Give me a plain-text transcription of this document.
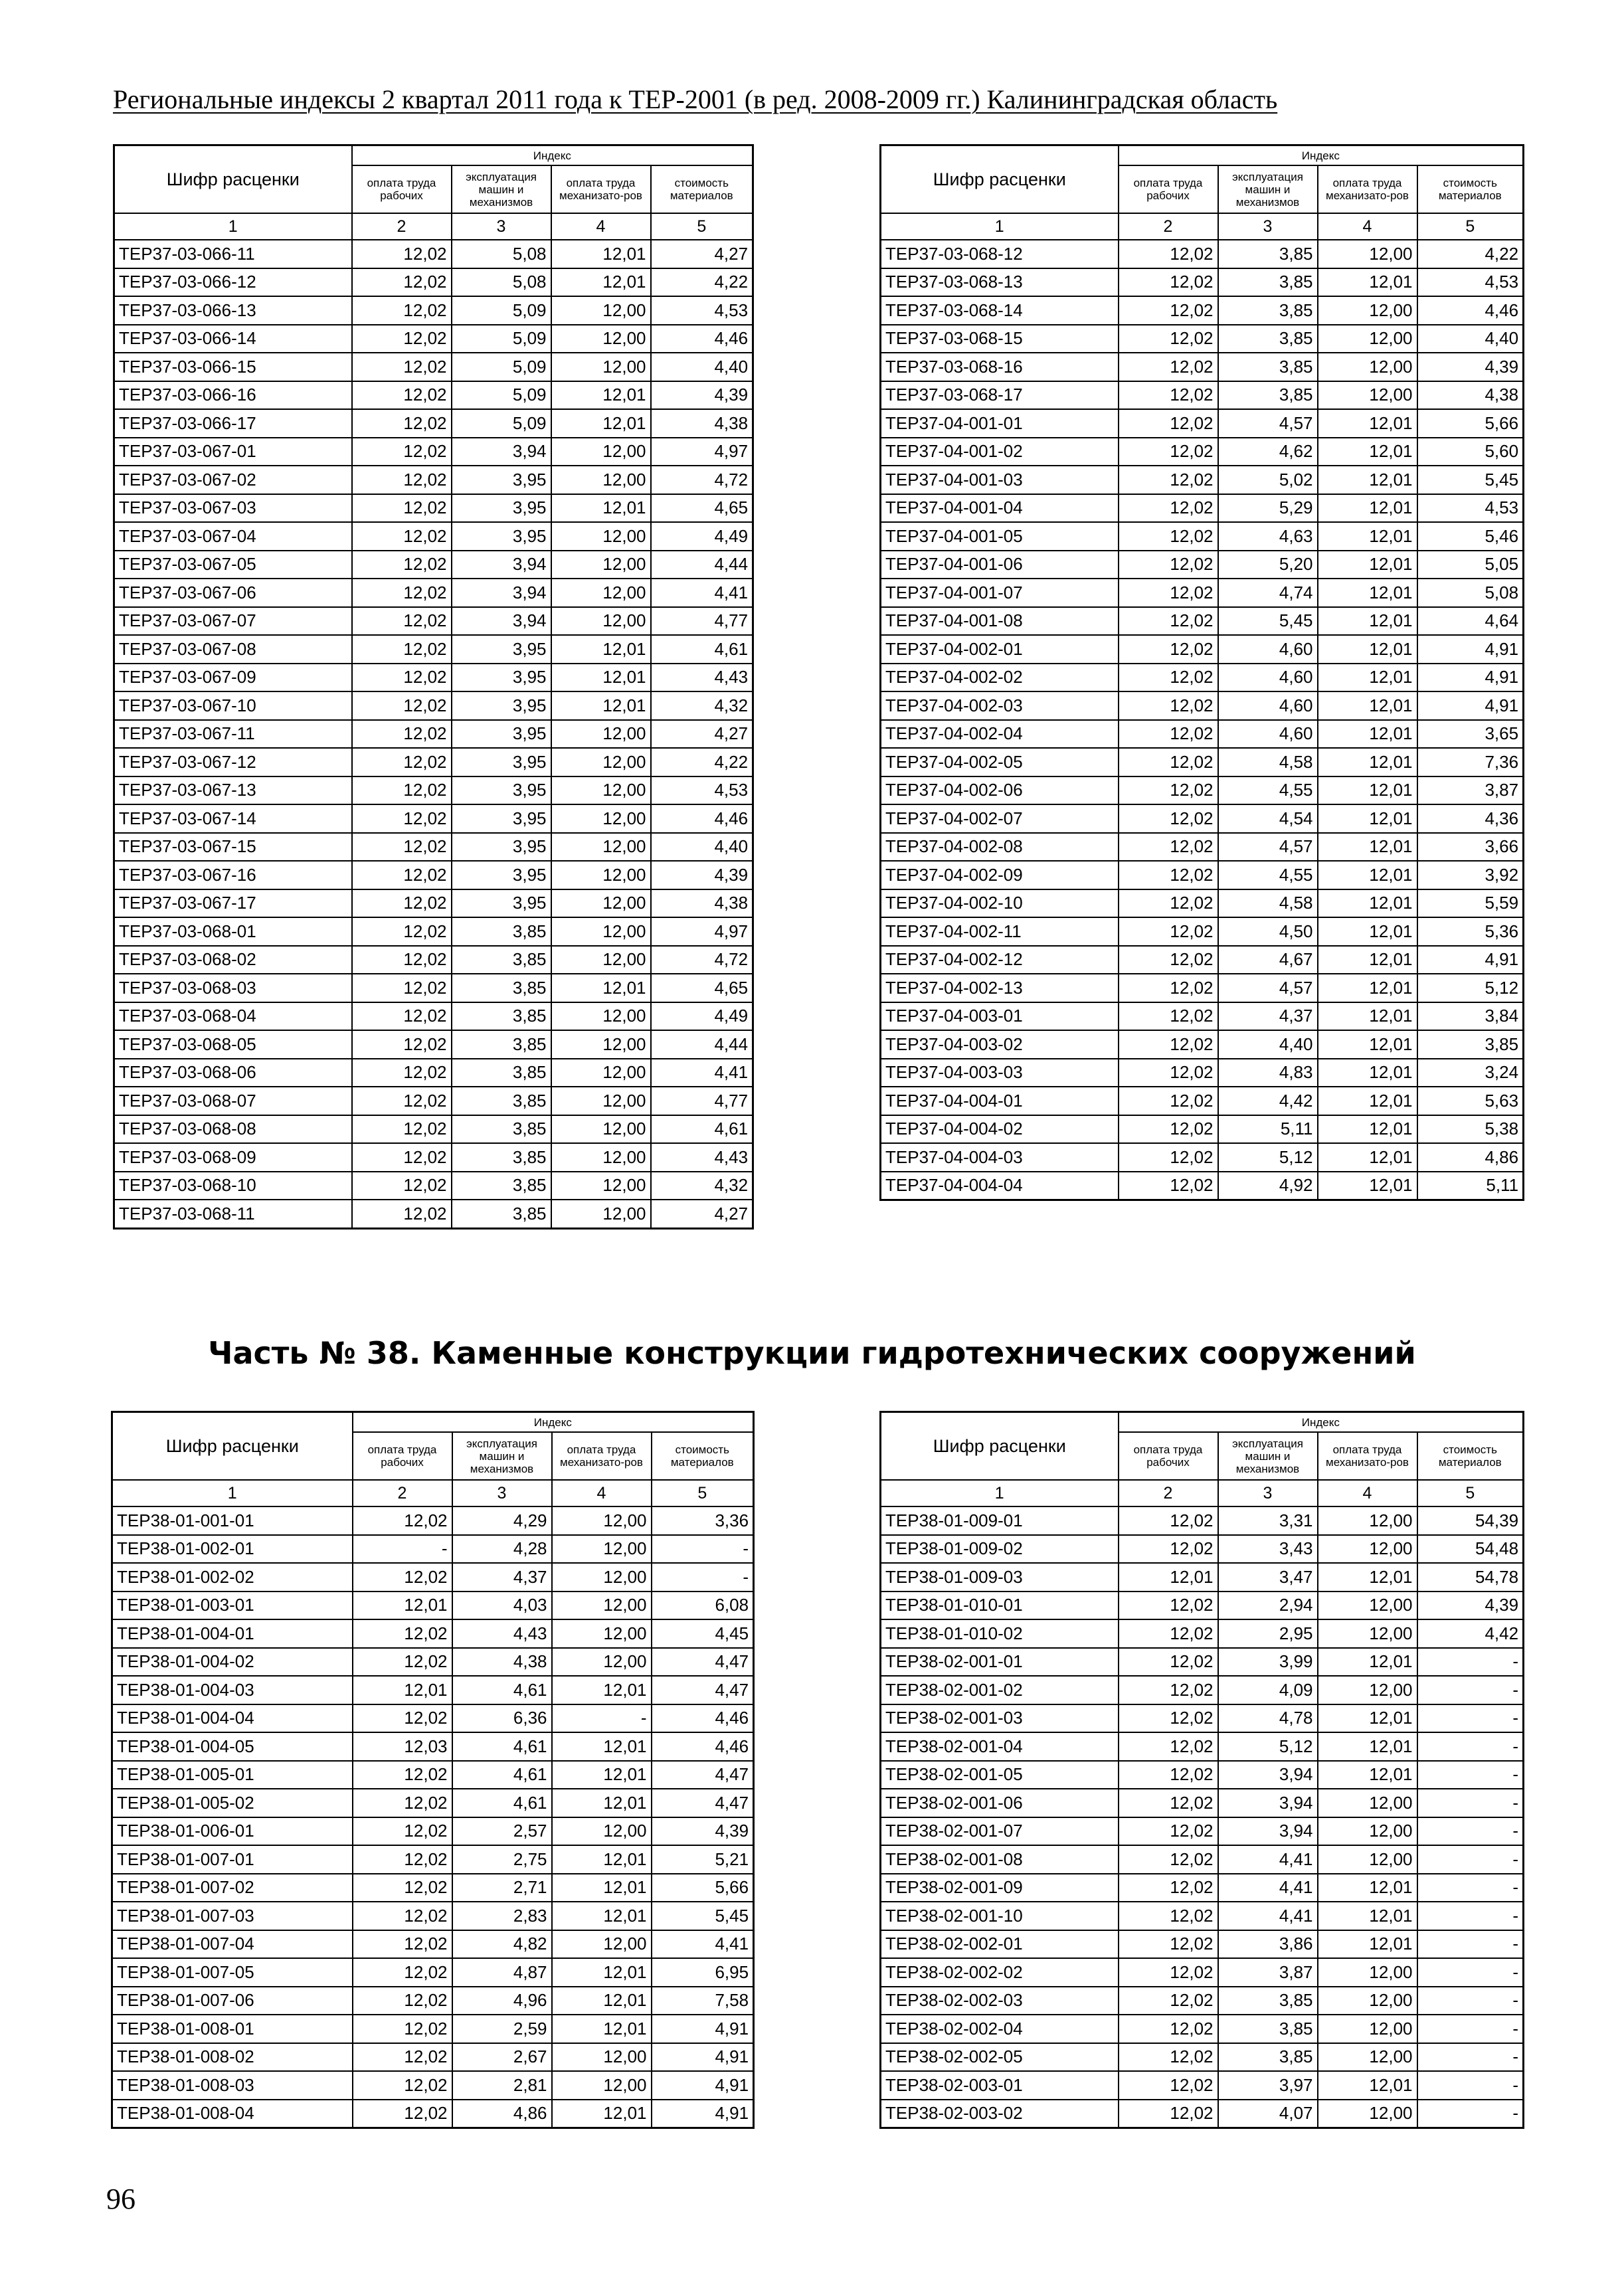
Региональные индексы 2 квартал 2011 года к ТЕР-2001 (в ред. 2008-2009 гг.) Калининградская область
Шифр расценки	Индекс			
	оплата труда рабочих	эксплуатация машин и механизмов	оплата труда механизато-ров	стоимость материалов
1	2	3	4	5
ТЕР37-03-066-11	12,02	5,08	12,01	4,27
ТЕР37-03-066-12	12,02	5,08	12,01	4,22
ТЕР37-03-066-13	12,02	5,09	12,00	4,53
ТЕР37-03-066-14	12,02	5,09	12,00	4,46
ТЕР37-03-066-15	12,02	5,09	12,00	4,40
ТЕР37-03-066-16	12,02	5,09	12,01	4,39
ТЕР37-03-066-17	12,02	5,09	12,01	4,38
ТЕР37-03-067-01	12,02	3,94	12,00	4,97
ТЕР37-03-067-02	12,02	3,95	12,00	4,72
ТЕР37-03-067-03	12,02	3,95	12,01	4,65
ТЕР37-03-067-04	12,02	3,95	12,00	4,49
ТЕР37-03-067-05	12,02	3,94	12,00	4,44
ТЕР37-03-067-06	12,02	3,94	12,00	4,41
ТЕР37-03-067-07	12,02	3,94	12,00	4,77
ТЕР37-03-067-08	12,02	3,95	12,01	4,61
ТЕР37-03-067-09	12,02	3,95	12,01	4,43
ТЕР37-03-067-10	12,02	3,95	12,01	4,32
ТЕР37-03-067-11	12,02	3,95	12,00	4,27
ТЕР37-03-067-12	12,02	3,95	12,00	4,22
ТЕР37-03-067-13	12,02	3,95	12,00	4,53
ТЕР37-03-067-14	12,02	3,95	12,00	4,46
ТЕР37-03-067-15	12,02	3,95	12,00	4,40
ТЕР37-03-067-16	12,02	3,95	12,00	4,39
ТЕР37-03-067-17	12,02	3,95	12,00	4,38
ТЕР37-03-068-01	12,02	3,85	12,00	4,97
ТЕР37-03-068-02	12,02	3,85	12,00	4,72
ТЕР37-03-068-03	12,02	3,85	12,01	4,65
ТЕР37-03-068-04	12,02	3,85	12,00	4,49
ТЕР37-03-068-05	12,02	3,85	12,00	4,44
ТЕР37-03-068-06	12,02	3,85	12,00	4,41
ТЕР37-03-068-07	12,02	3,85	12,00	4,77
ТЕР37-03-068-08	12,02	3,85	12,00	4,61
ТЕР37-03-068-09	12,02	3,85	12,00	4,43
ТЕР37-03-068-10	12,02	3,85	12,00	4,32
ТЕР37-03-068-11	12,02	3,85	12,00	4,27
Шифр расценки	Индекс			
	оплата труда рабочих	эксплуатация машин и механизмов	оплата труда механизато-ров	стоимость материалов
1	2	3	4	5
ТЕР37-03-068-12	12,02	3,85	12,00	4,22
ТЕР37-03-068-13	12,02	3,85	12,01	4,53
ТЕР37-03-068-14	12,02	3,85	12,00	4,46
ТЕР37-03-068-15	12,02	3,85	12,00	4,40
ТЕР37-03-068-16	12,02	3,85	12,00	4,39
ТЕР37-03-068-17	12,02	3,85	12,00	4,38
ТЕР37-04-001-01	12,02	4,57	12,01	5,66
ТЕР37-04-001-02	12,02	4,62	12,01	5,60
ТЕР37-04-001-03	12,02	5,02	12,01	5,45
ТЕР37-04-001-04	12,02	5,29	12,01	4,53
ТЕР37-04-001-05	12,02	4,63	12,01	5,46
ТЕР37-04-001-06	12,02	5,20	12,01	5,05
ТЕР37-04-001-07	12,02	4,74	12,01	5,08
ТЕР37-04-001-08	12,02	5,45	12,01	4,64
ТЕР37-04-002-01	12,02	4,60	12,01	4,91
ТЕР37-04-002-02	12,02	4,60	12,01	4,91
ТЕР37-04-002-03	12,02	4,60	12,01	4,91
ТЕР37-04-002-04	12,02	4,60	12,01	3,65
ТЕР37-04-002-05	12,02	4,58	12,01	7,36
ТЕР37-04-002-06	12,02	4,55	12,01	3,87
ТЕР37-04-002-07	12,02	4,54	12,01	4,36
ТЕР37-04-002-08	12,02	4,57	12,01	3,66
ТЕР37-04-002-09	12,02	4,55	12,01	3,92
ТЕР37-04-002-10	12,02	4,58	12,01	5,59
ТЕР37-04-002-11	12,02	4,50	12,01	5,36
ТЕР37-04-002-12	12,02	4,67	12,01	4,91
ТЕР37-04-002-13	12,02	4,57	12,01	5,12
ТЕР37-04-003-01	12,02	4,37	12,01	3,84
ТЕР37-04-003-02	12,02	4,40	12,01	3,85
ТЕР37-04-003-03	12,02	4,83	12,01	3,24
ТЕР37-04-004-01	12,02	4,42	12,01	5,63
ТЕР37-04-004-02	12,02	5,11	12,01	5,38
ТЕР37-04-004-03	12,02	5,12	12,01	4,86
ТЕР37-04-004-04	12,02	4,92	12,01	5,11
Часть № 38. Каменные конструкции гидротехнических сооружений
Шифр расценки	Индекс			
	оплата труда рабочих	эксплуатация машин и механизмов	оплата труда механизато-ров	стоимость материалов
1	2	3	4	5
ТЕР38-01-001-01	12,02	4,29	12,00	3,36
ТЕР38-01-002-01	-	4,28	12,00	-
ТЕР38-01-002-02	12,02	4,37	12,00	-
ТЕР38-01-003-01	12,01	4,03	12,00	6,08
ТЕР38-01-004-01	12,02	4,43	12,00	4,45
ТЕР38-01-004-02	12,02	4,38	12,00	4,47
ТЕР38-01-004-03	12,01	4,61	12,01	4,47
ТЕР38-01-004-04	12,02	6,36	-	4,46
ТЕР38-01-004-05	12,03	4,61	12,01	4,46
ТЕР38-01-005-01	12,02	4,61	12,01	4,47
ТЕР38-01-005-02	12,02	4,61	12,01	4,47
ТЕР38-01-006-01	12,02	2,57	12,00	4,39
ТЕР38-01-007-01	12,02	2,75	12,01	5,21
ТЕР38-01-007-02	12,02	2,71	12,01	5,66
ТЕР38-01-007-03	12,02	2,83	12,01	5,45
ТЕР38-01-007-04	12,02	4,82	12,00	4,41
ТЕР38-01-007-05	12,02	4,87	12,01	6,95
ТЕР38-01-007-06	12,02	4,96	12,01	7,58
ТЕР38-01-008-01	12,02	2,59	12,01	4,91
ТЕР38-01-008-02	12,02	2,67	12,00	4,91
ТЕР38-01-008-03	12,02	2,81	12,00	4,91
ТЕР38-01-008-04	12,02	4,86	12,01	4,91
Шифр расценки	Индекс			
	оплата труда рабочих	эксплуатация машин и механизмов	оплата труда механизато-ров	стоимость материалов
1	2	3	4	5
ТЕР38-01-009-01	12,02	3,31	12,00	54,39
ТЕР38-01-009-02	12,02	3,43	12,00	54,48
ТЕР38-01-009-03	12,01	3,47	12,01	54,78
ТЕР38-01-010-01	12,02	2,94	12,00	4,39
ТЕР38-01-010-02	12,02	2,95	12,00	4,42
ТЕР38-02-001-01	12,02	3,99	12,01	-
ТЕР38-02-001-02	12,02	4,09	12,00	-
ТЕР38-02-001-03	12,02	4,78	12,01	-
ТЕР38-02-001-04	12,02	5,12	12,01	-
ТЕР38-02-001-05	12,02	3,94	12,01	-
ТЕР38-02-001-06	12,02	3,94	12,00	-
ТЕР38-02-001-07	12,02	3,94	12,00	-
ТЕР38-02-001-08	12,02	4,41	12,00	-
ТЕР38-02-001-09	12,02	4,41	12,01	-
ТЕР38-02-001-10	12,02	4,41	12,01	-
ТЕР38-02-002-01	12,02	3,86	12,01	-
ТЕР38-02-002-02	12,02	3,87	12,00	-
ТЕР38-02-002-03	12,02	3,85	12,00	-
ТЕР38-02-002-04	12,02	3,85	12,00	-
ТЕР38-02-002-05	12,02	3,85	12,00	-
ТЕР38-02-003-01	12,02	3,97	12,01	-
ТЕР38-02-003-02	12,02	4,07	12,00	-
96
